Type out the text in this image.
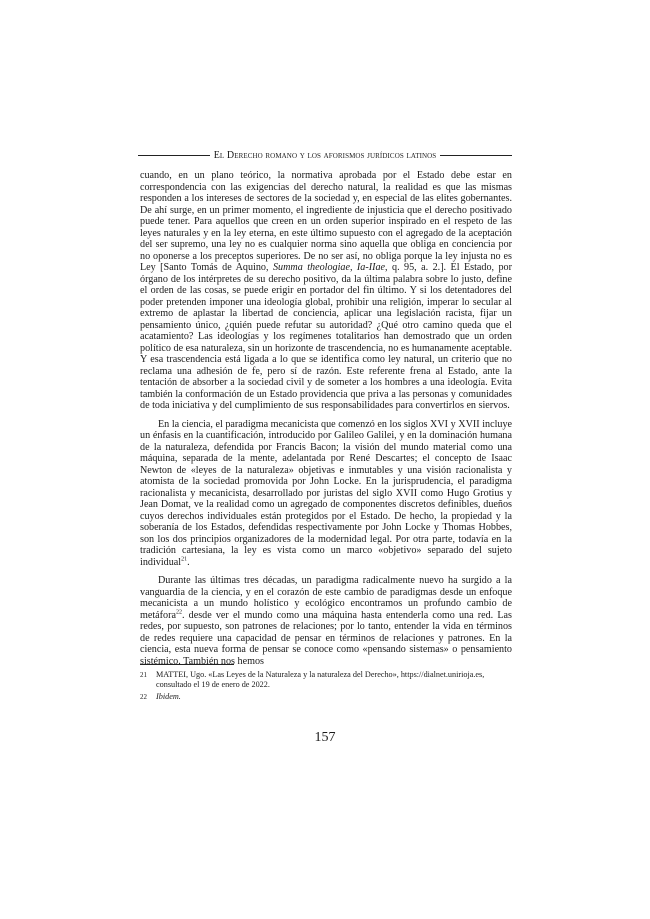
El Derecho romano y los aforismos jurídicos latinos

cuando, en un plano teórico, la normativa aprobada por el Estado debe estar en correspondencia con las exigencias del derecho natural, la realidad es que las mismas responden a los intereses de sectores de la sociedad y, en especial de las elites gobernantes. De ahí surge, en un primer momento, el ingrediente de injusticia que el derecho positivado puede tener. Para aquellos que creen en un orden superior inspirado en el respeto de las leyes naturales y en la ley eterna, en este último supuesto con el agregado de la aceptación del ser supremo, una ley no es cualquier norma sino aquella que obliga en conciencia por no oponerse a los preceptos superiores. De no ser así, no obliga porque la ley injusta no es Ley [Santo Tomás de Aquino, Summa theologiae, Ia-IIae, q. 95, a. 2.]. El Estado, por órgano de los intérpretes de su derecho positivo, da la última palabra sobre lo justo, define el orden de las cosas, se puede erigir en portador del fin último. Y si los detentadores del poder pretenden imponer una ideología global, prohibir una religión, imperar lo secular al extremo de aplastar la libertad de conciencia, aplicar una legislación racista, fijar un pensamiento único, ¿quién puede refutar su autoridad? ¿Qué otro camino queda que el acatamiento? Las ideologías y los regímenes totalitarios han demostrado que un orden político de esa naturaleza, sin un horizonte de trascendencia, no es humanamente aceptable. Y esa trascendencia está ligada a lo que se identifica como ley natural, un criterio que no reclama una adhesión de fe, pero sí de razón. Este referente frena al Estado, ante la tentación de absorber a la sociedad civil y de someter a los hombres a una ideología. Evita también la conformación de un Estado providencia que priva a las personas y comunidades de toda iniciativa y del cumplimiento de sus responsabilidades para convertirlos en siervos.

En la ciencia, el paradigma mecanicista que comenzó en los siglos XVI y XVII incluye un énfasis en la cuantificación, introducido por Galileo Galilei, y en la dominación humana de la naturaleza, defendida por Francis Bacon; la visión del mundo material como una máquina, separada de la mente, adelantada por René Descartes; el concepto de Isaac Newton de «leyes de la naturaleza» objetivas e inmutables y una visión racionalista y atomista de la sociedad promovida por John Locke. En la jurisprudencia, el paradigma racionalista y mecanicista, desarrollado por juristas del siglo XVII como Hugo Grotius y Jean Domat, ve la realidad como un agregado de componentes discretos definibles, dueños cuyos derechos individuales están protegidos por el Estado. De hecho, la propiedad y la soberanía de los Estados, defendidas respectivamente por John Locke y Thomas Hobbes, son los dos principios organizadores de la modernidad legal. Por otra parte, todavía en la tradición cartesiana, la ley es vista como un marco «objetivo» separado del sujeto individual$^{21}$.

Durante las últimas tres décadas, un paradigma radicalmente nuevo ha surgido a la vanguardia de la ciencia, y en el corazón de este cambio de paradigmas desde un enfoque mecanicista a un mundo holístico y ecológico encontramos un profundo cambio de metáfora$^{22}$. desde ver el mundo como una máquina hasta entenderla como una red. Las redes, por supuesto, son patrones de relaciones; por lo tanto, entender la vida en términos de redes requiere una capacidad de pensar en términos de relaciones y patrones. En la ciencia, esta nueva forma de pensar se conoce como «pensando sistemas» o pensamiento sistémico. También nos hemos

21	MATTEI, Ugo. «Las Leyes de la Naturaleza y la naturaleza del Derecho», https://dialnet.unirioja.es, consultado el 19 de enero de 2022.
22	Ibidem.
157
